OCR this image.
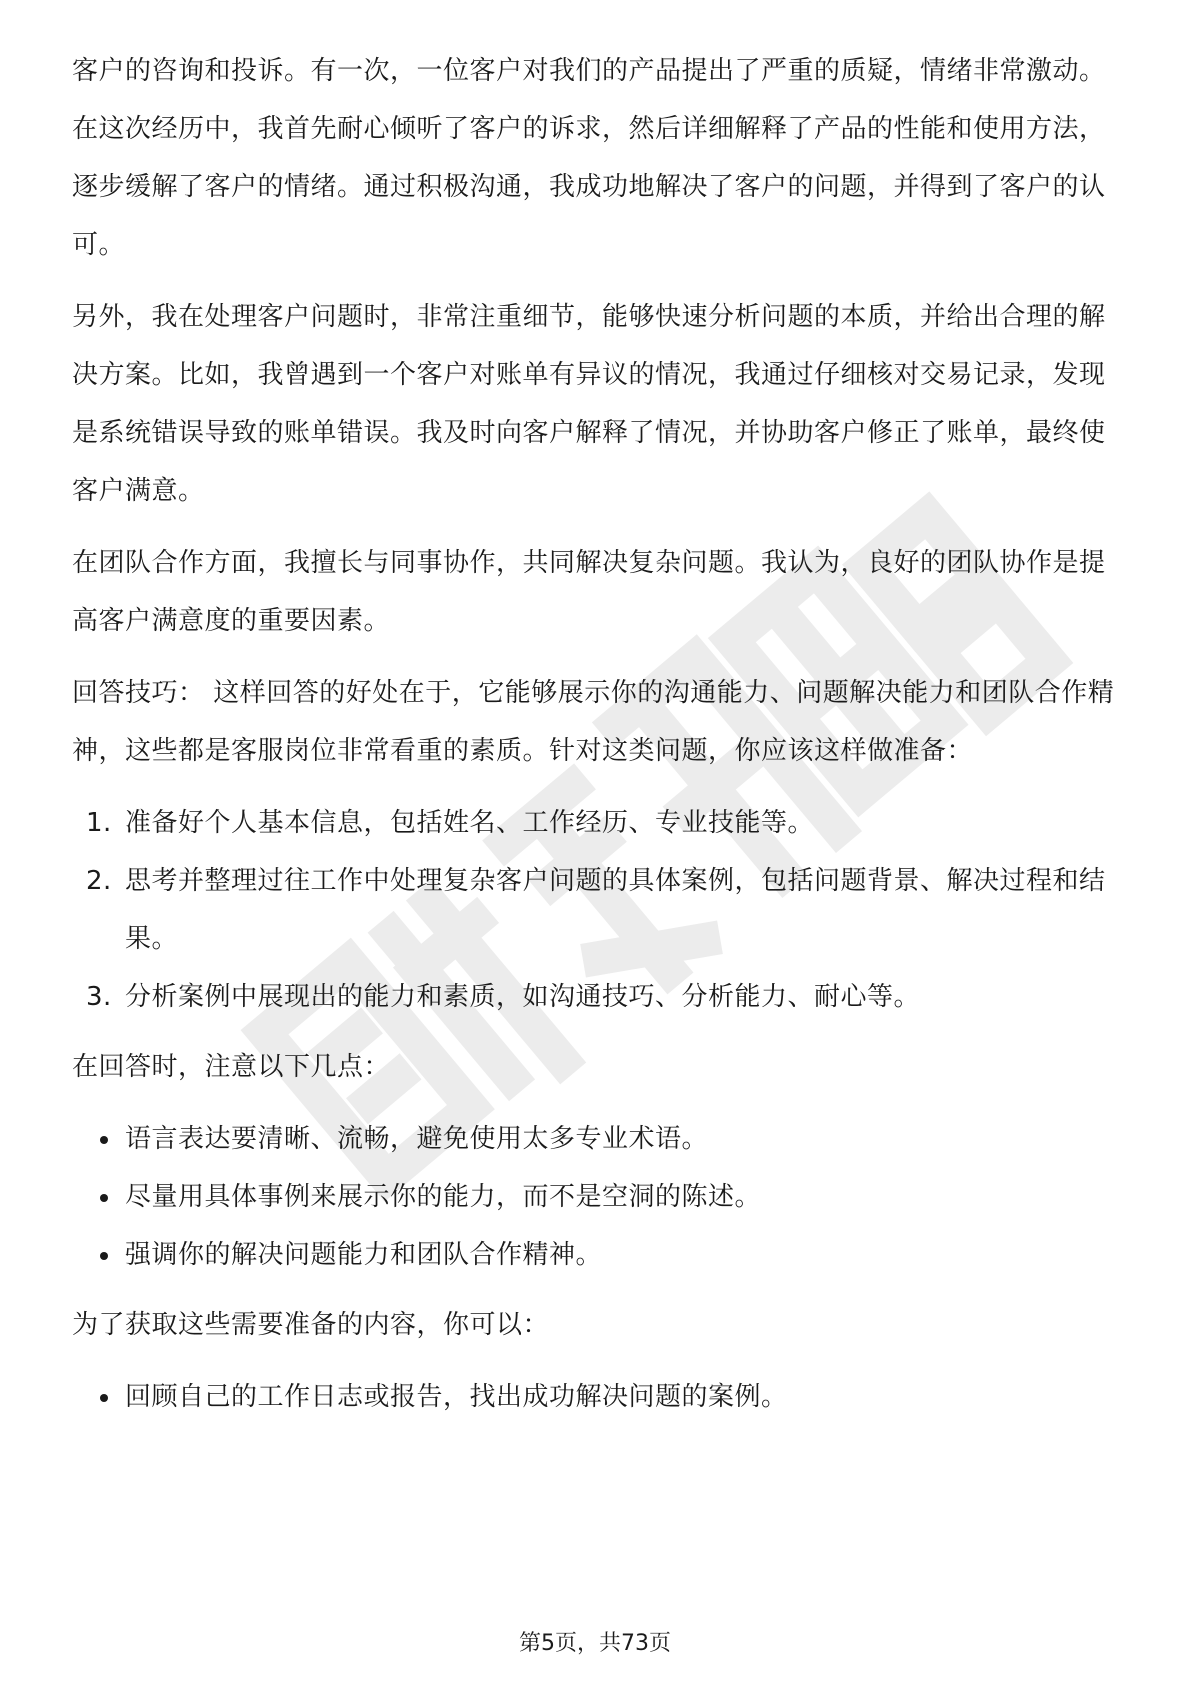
客户的咨询和投诉。有一次，一位客户对我们的产品提出了严重的质疑，情绪非常激动。在这次经历中，我首先耐心倾听了客户的诉求，然后详细解释了产品的性能和使用方法，逐步缓解了客户的情绪。通过积极沟通，我成功地解决了客户的问题，并得到了客户的认可。

另外，我在处理客户问题时，非常注重细节，能够快速分析问题的本质，并给出合理的解决方案。比如，我曾遇到一个客户对账单有异议的情况，我通过仔细核对交易记录，发现是系统错误导致的账单错误。我及时向客户解释了情况，并协助客户修正了账单，最终使客户满意。

在团队合作方面，我擅长与同事协作，共同解决复杂问题。我认为，良好的团队协作是提高客户满意度的重要因素。

回答技巧： 这样回答的好处在于，它能够展示你的沟通能力、问题解决能力和团队合作精神，这些都是客服岗位非常看重的素质。针对这类问题，你应该这样做准备：

1. 准备好个人基本信息，包括姓名、工作经历、专业技能等。
2. 思考并整理过往工作中处理复杂客户问题的具体案例，包括问题背景、解决过程和结果。
3. 分析案例中展现出的能力和素质，如沟通技巧、分析能力、耐心等。

在回答时，注意以下几点：

语言表达要清晰、流畅，避免使用太多专业术语。
尽量用具体事例来展示你的能力，而不是空洞的陈述。
强调你的解决问题能力和团队合作精神。

为了获取这些需要准备的内容，你可以：

回顾自己的工作日志或报告，找出成功解决问题的案例。
第5页，共73页
